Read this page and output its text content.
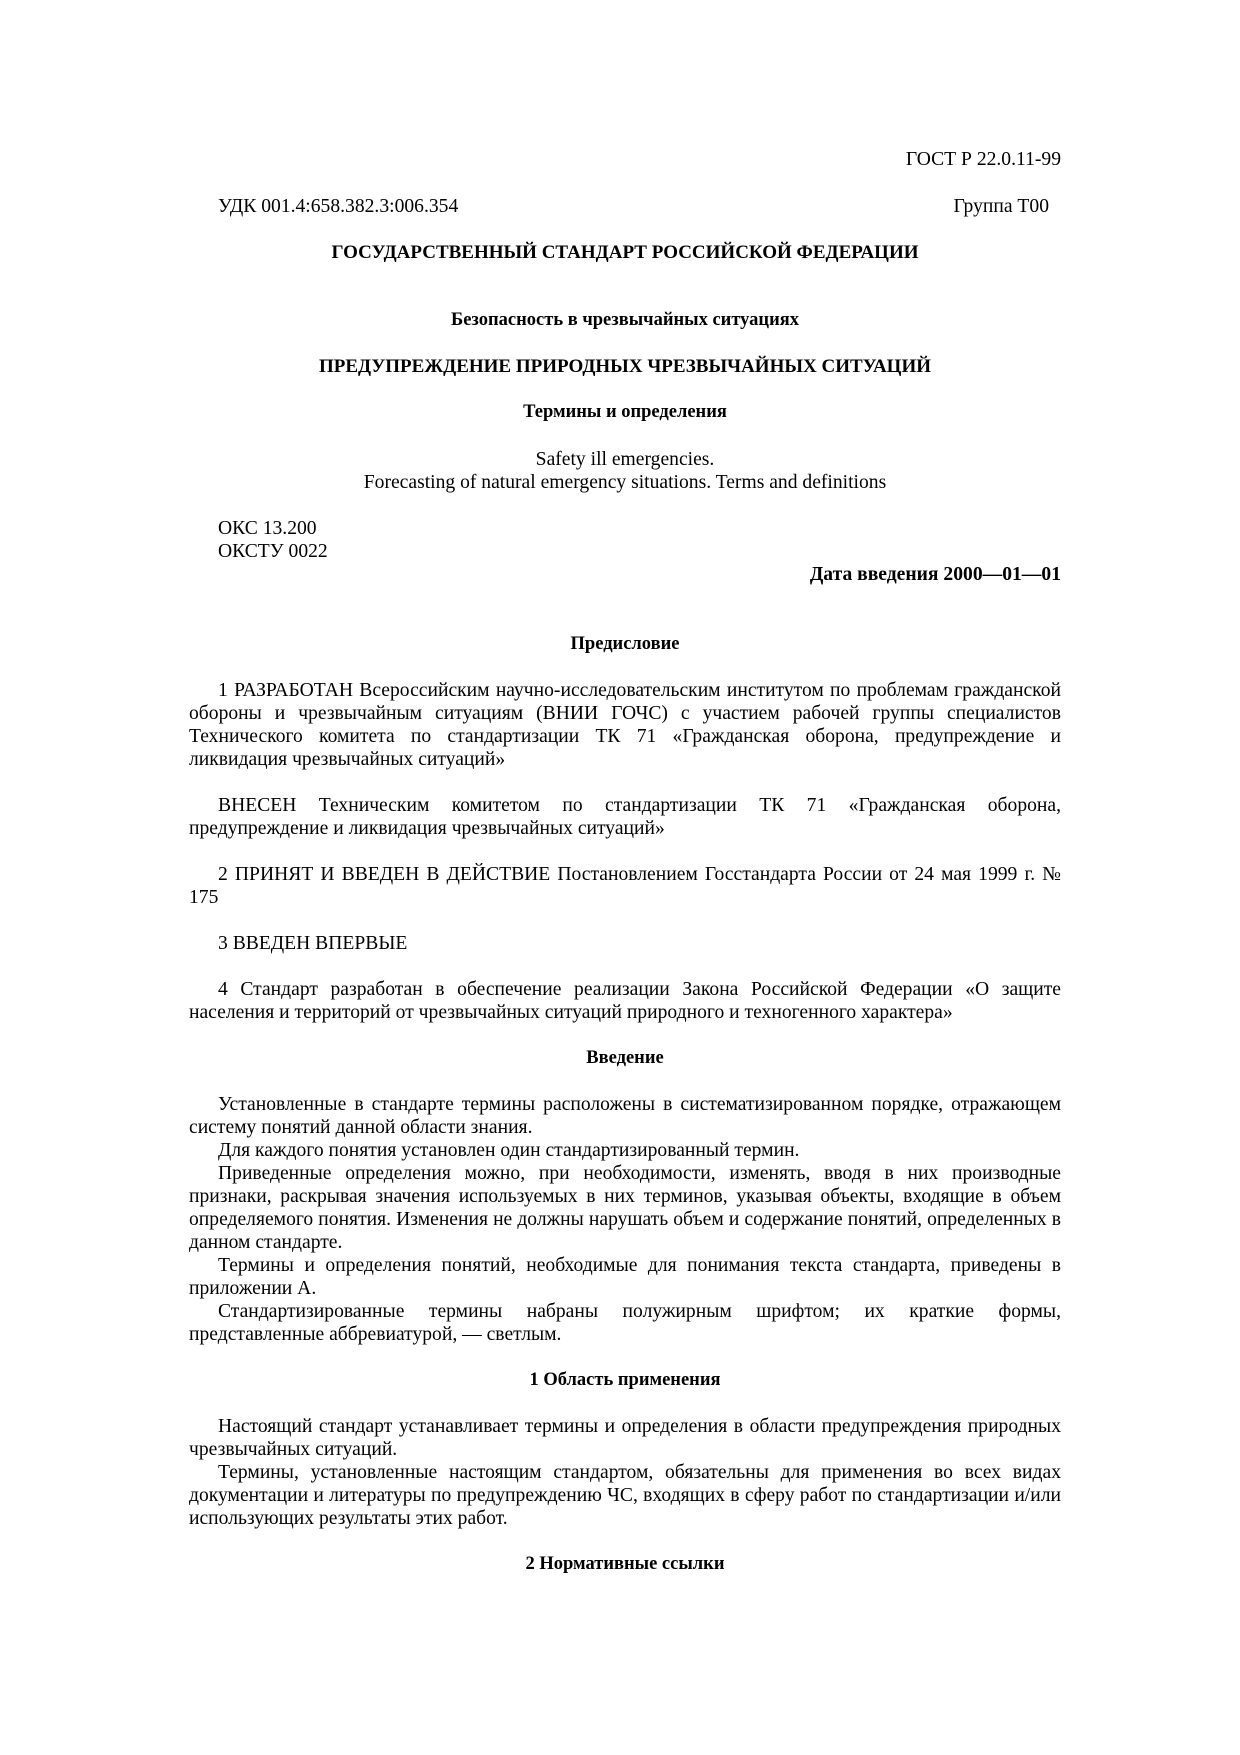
ГОСТ Р 22.0.11-99
УДК 001.4:658.382.3:006.354	Группа Т00
ГОСУДАРСТВЕННЫЙ СТАНДАРТ РОССИЙСКОЙ ФЕДЕРАЦИИ
Безопасность в чрезвычайных ситуациях
ПРЕДУПРЕЖДЕНИЕ ПРИРОДНЫХ ЧРЕЗВЫЧАЙНЫХ СИТУАЦИЙ
Термины и определения
Safety ill emergencies.
Forecasting of natural emergency situations. Terms and definitions
ОКС 13.200
ОКСТУ 0022
Дата введения 2000—01—01
Предисловие

1 РАЗРАБОТАН Всероссийским научно-исследовательским институтом по проблемам гражданской обороны и чрезвычайным ситуациям (ВНИИ ГОЧС) с участием рабочей группы специалистов Технического комитета по стандартизации ТК 71 «Гражданская оборона, предупреждение и ликвидация чрезвычайных ситуаций»

ВНЕСЕН Техническим комитетом по стандартизации ТК 71 «Гражданская оборона, предупреждение и ликвидация чрезвычайных ситуаций»

2 ПРИНЯТ И ВВЕДЕН В ДЕЙСТВИЕ Постановлением Госстандарта России от 24 мая 1999 г. № 175

3 ВВЕДЕН ВПЕРВЫЕ

4 Стандарт разработан в обеспечение реализации Закона Российской Федерации «О защите населения и территорий от чрезвычайных ситуаций природного и техногенного характера»

Введение

Установленные в стандарте термины расположены в систематизированном порядке, отражающем систему понятий данной области знания.

Для каждого понятия установлен один стандартизированный термин.

Приведенные определения можно, при необходимости, изменять, вводя в них производные признаки, раскрывая значения используемых в них терминов, указывая объекты, входящие в объем определяемого понятия. Изменения не должны нарушать объем и содержание понятий, определенных в данном стандарте.

Термины и определения понятий, необходимые для понимания текста стандарта, приведены в приложении А.

Стандартизированные термины набраны полужирным шрифтом; их краткие формы, представленные аббревиатурой, — светлым.

1 Область применения

Настоящий стандарт устанавливает термины и определения в области предупреждения природных чрезвычайных ситуаций.

Термины, установленные настоящим стандартом, обязательны для применения во всех видах документации и литературы по предупреждению ЧС, входящих в сферу работ по стандартизации и/или использующих результаты этих работ.

2 Нормативные ссылки
